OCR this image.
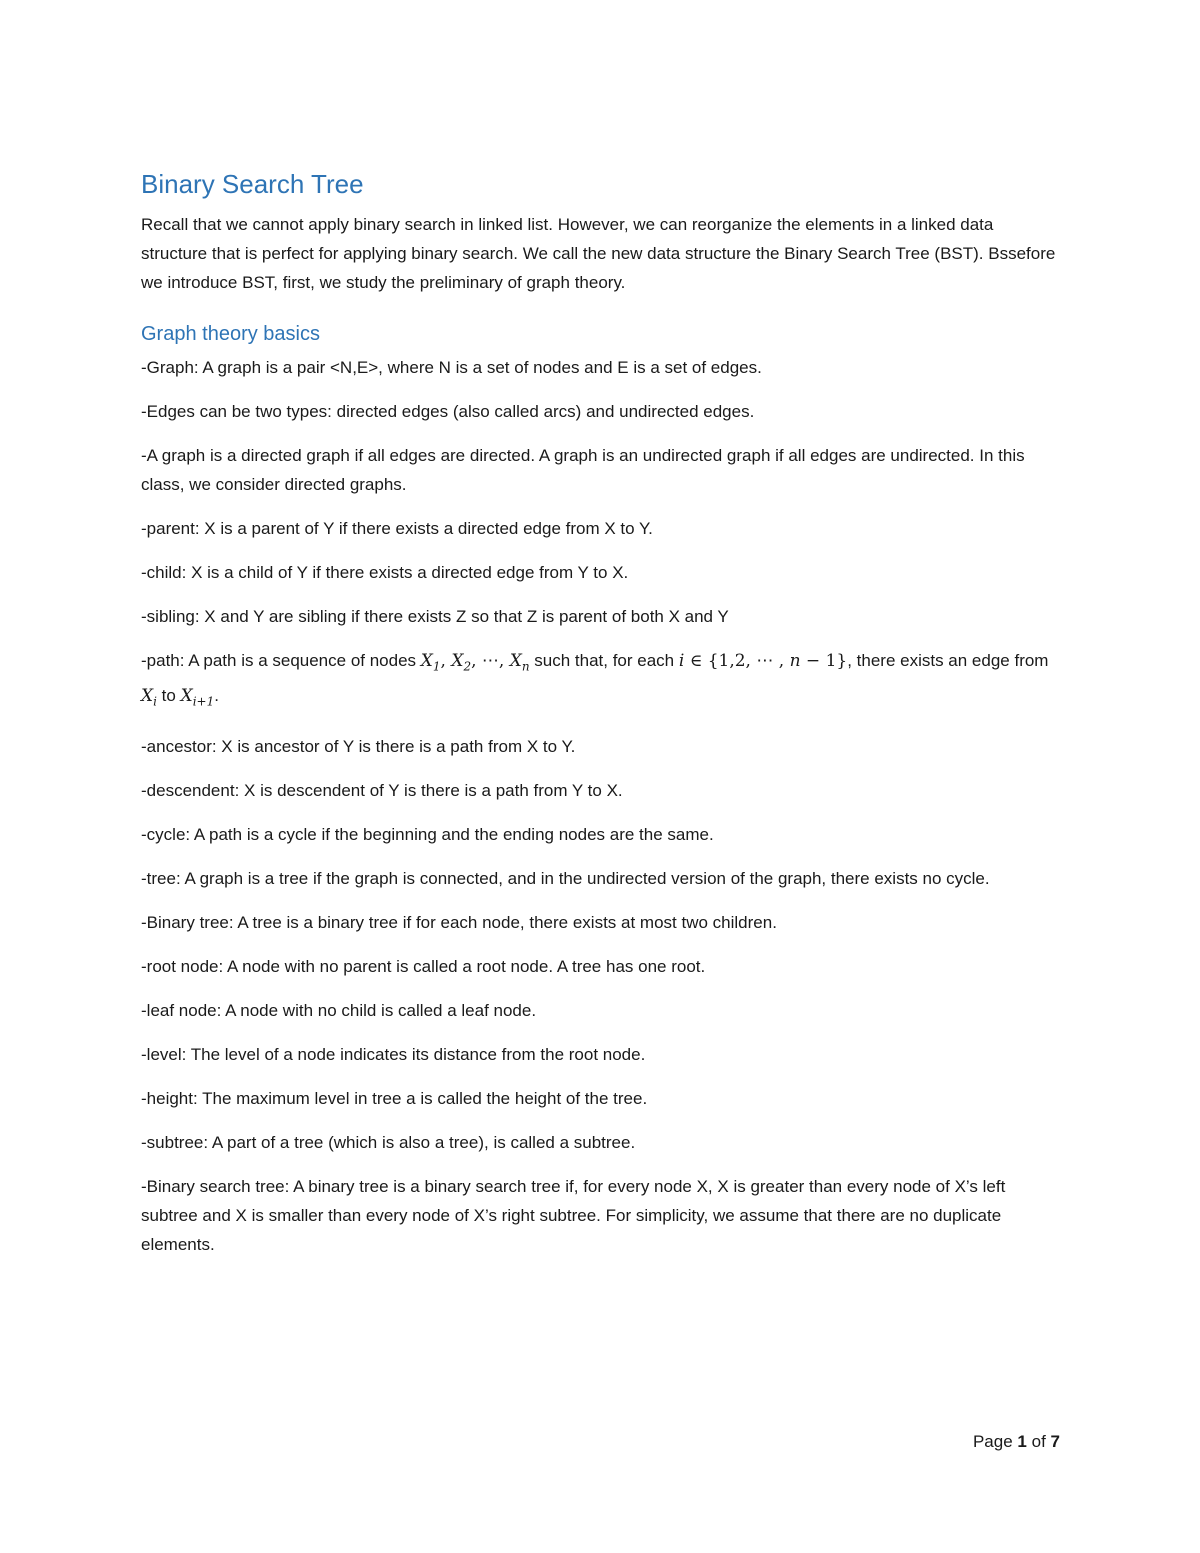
Binary Search Tree

Recall that we cannot apply binary search in linked list. However, we can reorganize the elements in a linked data structure that is perfect for applying binary search. We call the new data structure the Binary Search Tree (BST). Bssefore we introduce BST, first, we study the preliminary of graph theory.

Graph theory basics

-Graph: A graph is a pair <N,E>, where N is a set of nodes and E is a set of edges.

-Edges can be two types: directed edges (also called arcs) and undirected edges.

-A graph is a directed graph if all edges are directed. A graph is an undirected graph if all edges are undirected. In this class, we consider directed graphs.

-parent: X is a parent of Y if there exists a directed edge from X to Y.

-child: X is a child of Y if there exists a directed edge from Y to X.

-sibling: X and Y are sibling if there exists Z so that Z is parent of both X and Y

-path: A path is a sequence of nodes $X_1$, $X_2$, ⋯, $X_n$ such that, for each i ∈ {1,2, ⋯ , n − 1}, there exists an edge from $X_i$ to $X_{i+1}$.

-ancestor: X is ancestor of Y is there is a path from X to Y.

-descendent: X is descendent of Y is there is a path from Y to X.

-cycle: A path is a cycle if the beginning and the ending nodes are the same.

-tree: A graph is a tree if the graph is connected, and in the undirected version of the graph, there exists no cycle.

-Binary tree: A tree is a binary tree if for each node, there exists at most two children.

-root node: A node with no parent is called a root node. A tree has one root.

-leaf node: A node with no child is called a leaf node.

-level: The level of a node indicates its distance from the root node.

-height: The maximum level in tree a is called the height of the tree.

-subtree: A part of a tree (which is also a tree), is called a subtree.

-Binary search tree: A binary tree is a binary search tree if, for every node X, X is greater than every node of X’s left subtree and X is smaller than every node of X’s right subtree. For simplicity, we assume that there are no duplicate elements.

Page 1 of 7
